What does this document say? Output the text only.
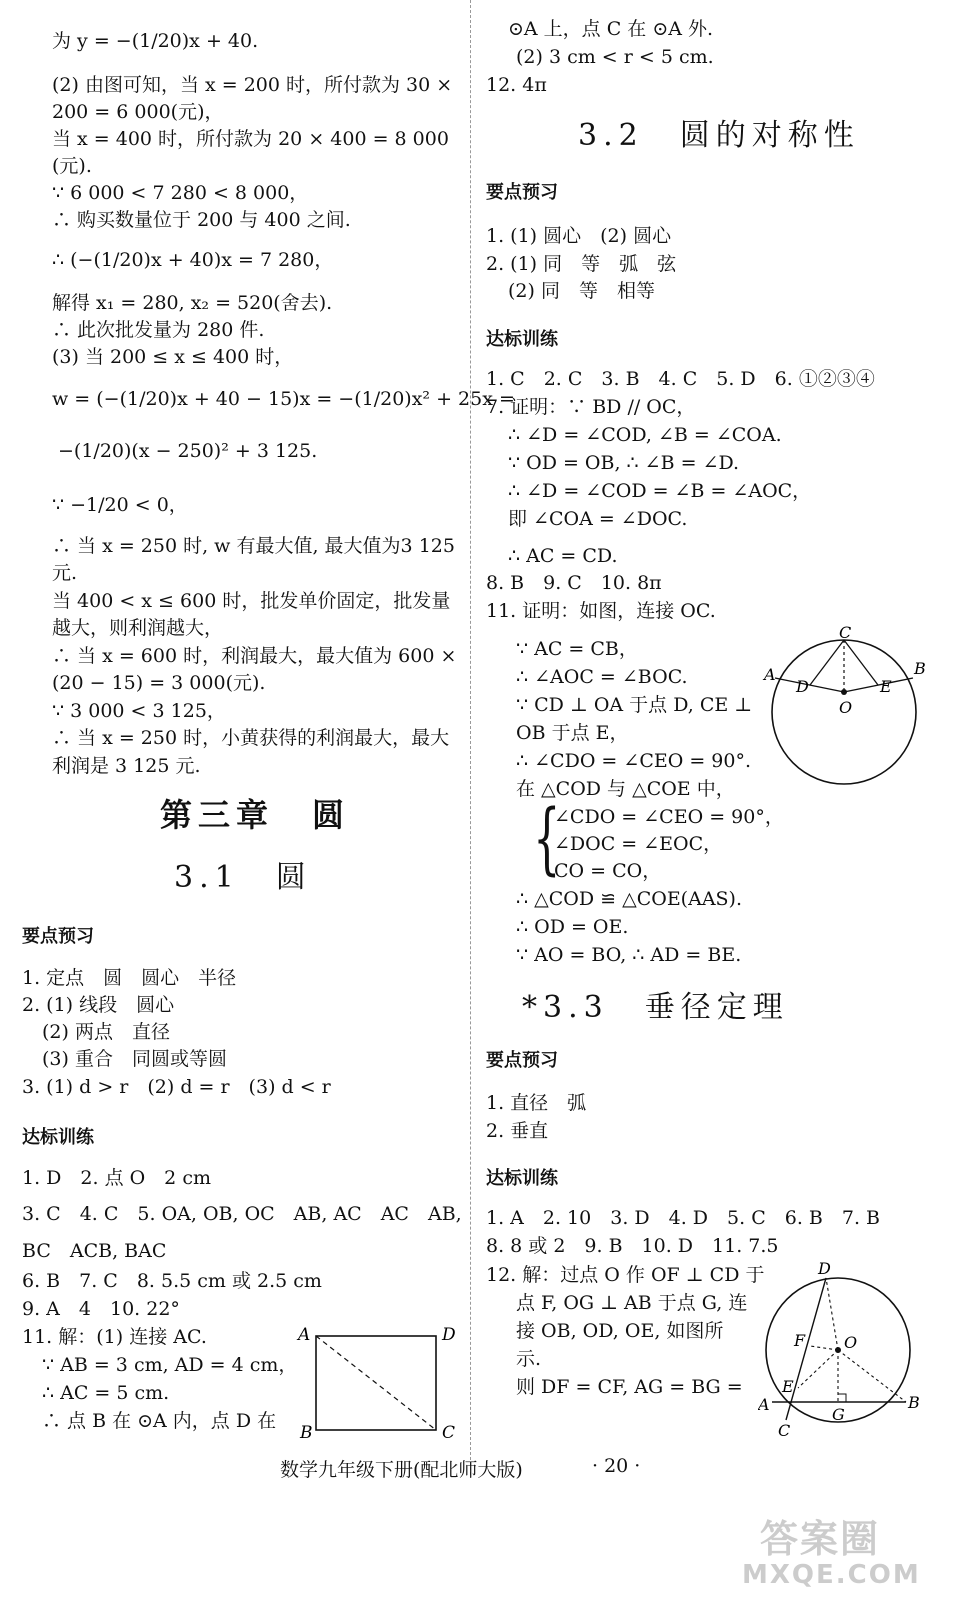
为 y = −(1/20)x + 40.
(2) 由图可知，当 x = 200 时，所付款为 30 ×
200 = 6 000(元)，
当 x = 400 时，所付款为 20 × 400 = 8 000
(元).
∵ 6 000 < 7 280 < 8 000，
∴ 购买数量位于 200 与 400 之间.
∴ (−(1/20)x + 40)x = 7 280，
解得 x₁ = 280, x₂ = 520(舍去).
∴ 此次批发量为 280 件.
(3) 当 200 ≤ x ≤ 400 时，
w = (−(1/20)x + 40 − 15)x = −(1/20)x² + 25x =
−(1/20)(x − 250)² + 3 125.
∵ −1/20 < 0，
∴ 当 x = 250 时, w 有最大值, 最大值为3 125
元.
当 400 < x ≤ 600 时，批发单价固定，批发量
越大，则利润越大，
∴ 当 x = 600 时，利润最大，最大值为 600 ×
(20 − 15) = 3 000(元).
∵ 3 000 < 3 125，
∴ 当 x = 250 时，小黄获得的利润最大，最大
利润是 3 125 元.
第三章　圆
3.1　圆
要点预习
1. 定点　圆　圆心　半径
2. (1) 线段　圆心
(2) 两点　直径
(3) 重合　同圆或等圆
3. (1) d > r　(2) d = r　(3) d < r
达标训练
1. D　2. 点 O　2 cm
3. C　4. C　5. OA, OB, OC　AB, AC　AC　AB,
BC　ACB, BAC
6. B　7. C　8. 5.5 cm 或 2.5 cm
9. A　4　10. 22°
11. 解：(1) 连接 AC.
∵ AB = 3 cm, AD = 4 cm，
∴ AC = 5 cm.
∴ 点 B 在 ⊙A 内，点 D 在
A	D
B	C
⊙A 上，点 C 在 ⊙A 外.
(2) 3 cm < r < 5 cm.
12. 4π
3.2　圆的对称性
要点预习
1. (1) 圆心　(2) 圆心
2. (1) 同　等　弧　弦
(2) 同　等　相等
达标训练
1. C　2. C　3. B　4. C　5. D　6. ①②③④
7. 证明：∵ BD // OC，
∴ ∠D = ∠COD, ∠B = ∠COA.
∵ OD = OB, ∴ ∠B = ∠D.
∴ ∠D = ∠COD = ∠B = ∠AOC，
即 ∠COA = ∠DOC.
∴ AC = CD.
8. B　9. C　10. 8π
11. 证明：如图，连接 OC.
∵ AC = CB，
∴ ∠AOC = ∠BOC.
∵ CD ⊥ OA 于点 D, CE ⊥
OB 于点 E，
∴ ∠CDO = ∠CEO = 90°.
在 △COD 与 △COE 中，
{
∠CDO = ∠CEO = 90°，
∠DOC = ∠EOC，
CO = CO，
∴ △COD ≌ △COE(AAS).
∴ OD = OE.
∵ AO = BO, ∴ AD = BE.
C
A	B
D	E
O
*3.3　垂径定理
要点预习
1. 直径　弧
2. 垂直
达标训练
1. A　2. 10　3. D　4. D　5. C　6. B　7. B
8. 8 或 2　9. B　10. D　11. 7.5
12. 解：过点 O 作 OF ⊥ CD 于
点 F, OG ⊥ AB 于点 G, 连
接 OB, OD, OE, 如图所
示.
则 DF = CF, AG = BG =
D
F O
E
A
G
B
C
数学九年级下册(配北师大版)	· 20 ·
答案圈
MXQE.COM
